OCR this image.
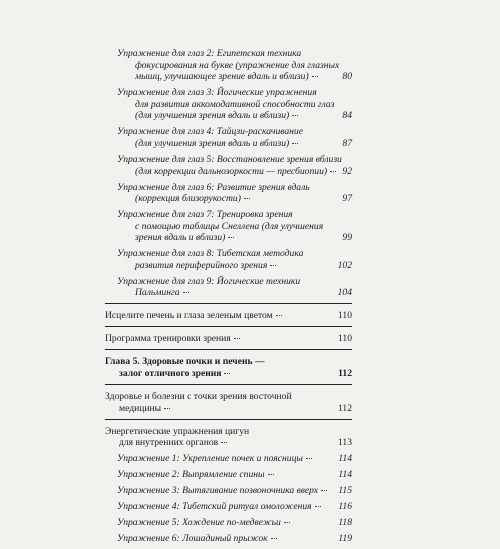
Упражнение для глаз 2: Египетская техника
фокусирования на букве (упражнение для глазных
мышц, улучшающее зрение вдаль и вблизи)	80
Упражнение для глаз 3: Йогические упражнения
для развития аккомодативной способности глаз
(для улучшения зрения вдаль и вблизи)	84
Упражнение для глаз 4: Тайцзи-раскачивание
(для улучшения зрения вдаль и вблизи)	87
Упражнение для глаз 5: Восстановление зрения вблизи
(для коррекции дальнозоркости — пресбиопии) 92
Упражнение для глаз 6: Развитие зрения вдаль
(коррекция близорукости)	97
Упражнение для глаз 7: Тренировка зрения
с помощью таблицы Снеллена (для улучшения
зрения вдаль и вблизи)	99
Упражнение для глаз 8: Тибетская методика
развития периферийного зрения	102
Упражнение для глаз 9: Йогические техники
Пальминга	104
Исцелите печень и глаза зеленым цветом	110
Программа тренировки зрения	110
Глава 5. Здоровые почки и печень —
залог отличного зрения	112
Здоровье и болезни с точки зрения восточной
медицины	112
Энергетические упражнения цигун
для внутренних органов	113
Упражнение 1: Укрепление почек и поясницы	114
Упражнение 2: Выпрямление спины	114
Упражнение 3: Вытягивание позвоночника вверх	115
Упражнение 4: Тибетский ритуал омоложения	116
Упражнение 5: Хождение по-медвежьи	118
Упражнение 6: Лошадиный прыжок	119
